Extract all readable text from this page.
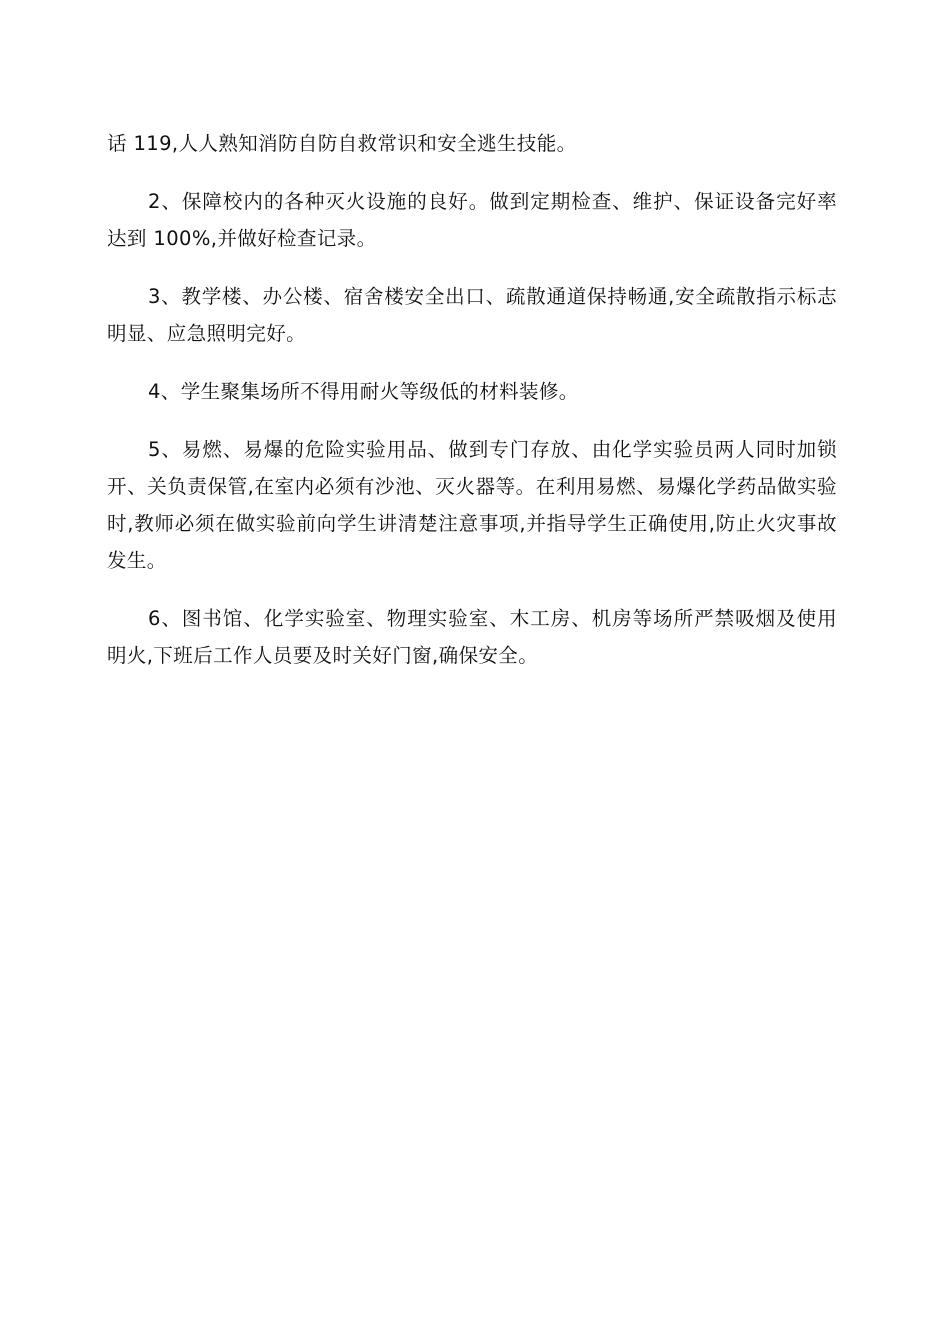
话 119,人人熟知消防自防自救常识和安全逃生技能。

2、保障校内的各种灭火设施的良好。做到定期检查、维护、保证设备完好率达到 100%,并做好检查记录。

3、教学楼、办公楼、宿舍楼安全出口、疏散通道保持畅通,安全疏散指示标志明显、应急照明完好。

4、学生聚集场所不得用耐火等级低的材料装修。

5、易燃、易爆的危险实验用品、做到专门存放、由化学实验员两人同时加锁开、关负责保管,在室内必须有沙池、灭火器等。在利用易燃、易爆化学药品做实验时,教师必须在做实验前向学生讲清楚注意事项,并指导学生正确使用,防止火灾事故发生。

6、图书馆、化学实验室、物理实验室、木工房、机房等场所严禁吸烟及使用明火,下班后工作人员要及时关好门窗,确保安全。
